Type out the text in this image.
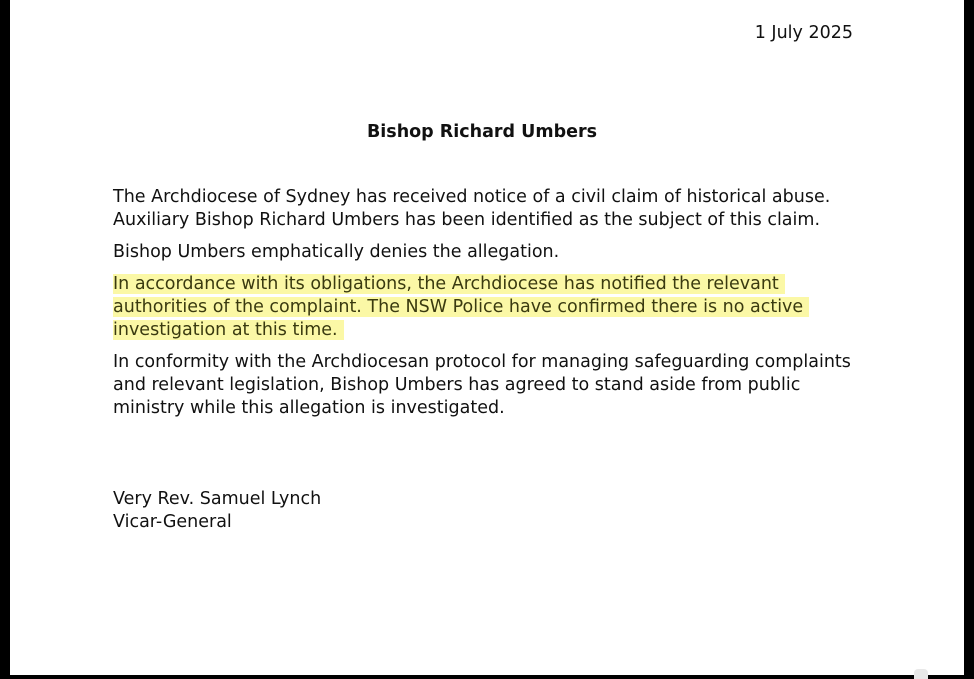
1 July 2025
Bishop Richard Umbers

The Archdiocese of Sydney has received notice of a civil claim of historical abuse. Auxiliary Bishop Richard Umbers has been identified as the subject of this claim.

Bishop Umbers emphatically denies the allegation.

In accordance with its obligations, the Archdiocese has notified the relevant authorities of the complaint. The NSW Police have confirmed there is no active investigation at this time.

In conformity with the Archdiocesan protocol for managing safeguarding complaints and relevant legislation, Bishop Umbers has agreed to stand aside from public ministry while this allegation is investigated.

Very Rev. Samuel Lynch
Vicar-General
